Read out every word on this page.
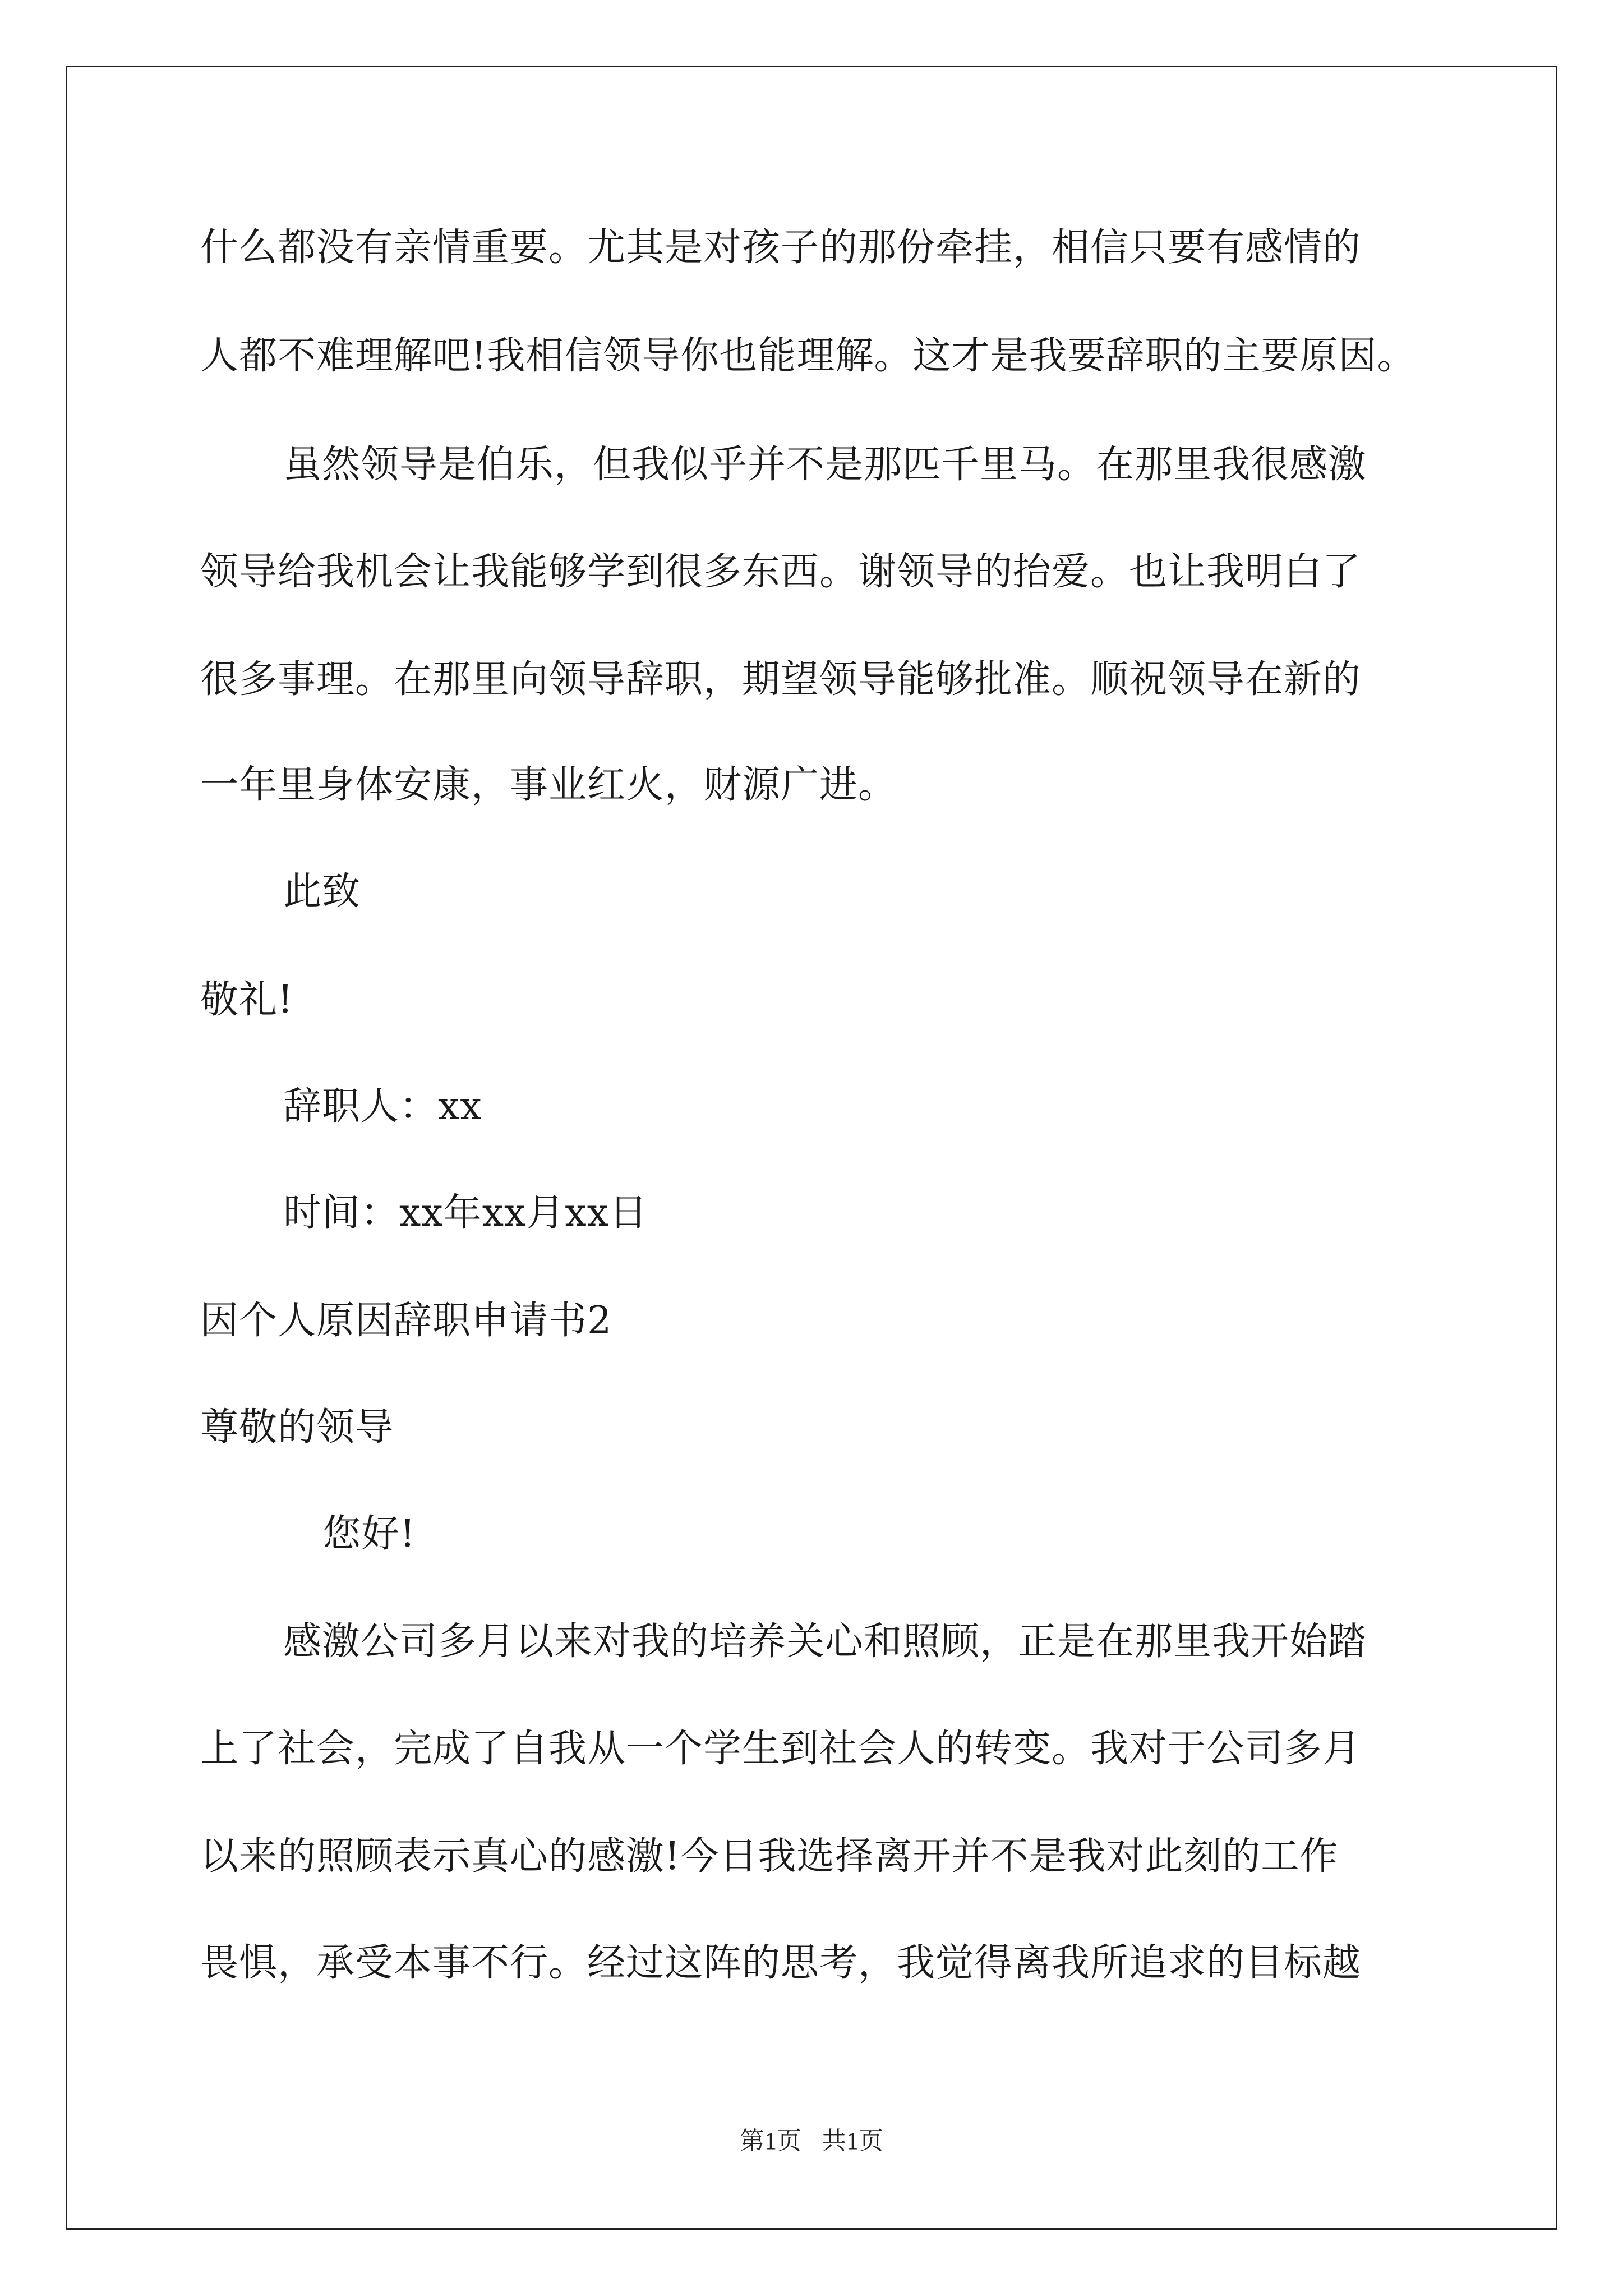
什么都没有亲情重要。尤其是对孩子的那份牵挂，相信只要有感情的
人都不难理解吧!我相信领导你也能理解。这才是我要辞职的主要原因。
虽然领导是伯乐，但我似乎并不是那匹千里马。在那里我很感激
领导给我机会让我能够学到很多东西。谢领导的抬爱。也让我明白了
很多事理。在那里向领导辞职，期望领导能够批准。顺祝领导在新的
一年里身体安康，事业红火，财源广进。
此致
敬礼!
辞职人：xx
时间：xx年xx月xx日
因个人原因辞职申请书2
尊敬的领导
您好!
感激公司多月以来对我的培养关心和照顾，正是在那里我开始踏
上了社会，完成了自我从一个学生到社会人的转变。我对于公司多月
以来的照顾表示真心的感激!今日我选择离开并不是我对此刻的工作
畏惧，承受本事不行。经过这阵的思考，我觉得离我所追求的目标越
第1页 共1页
